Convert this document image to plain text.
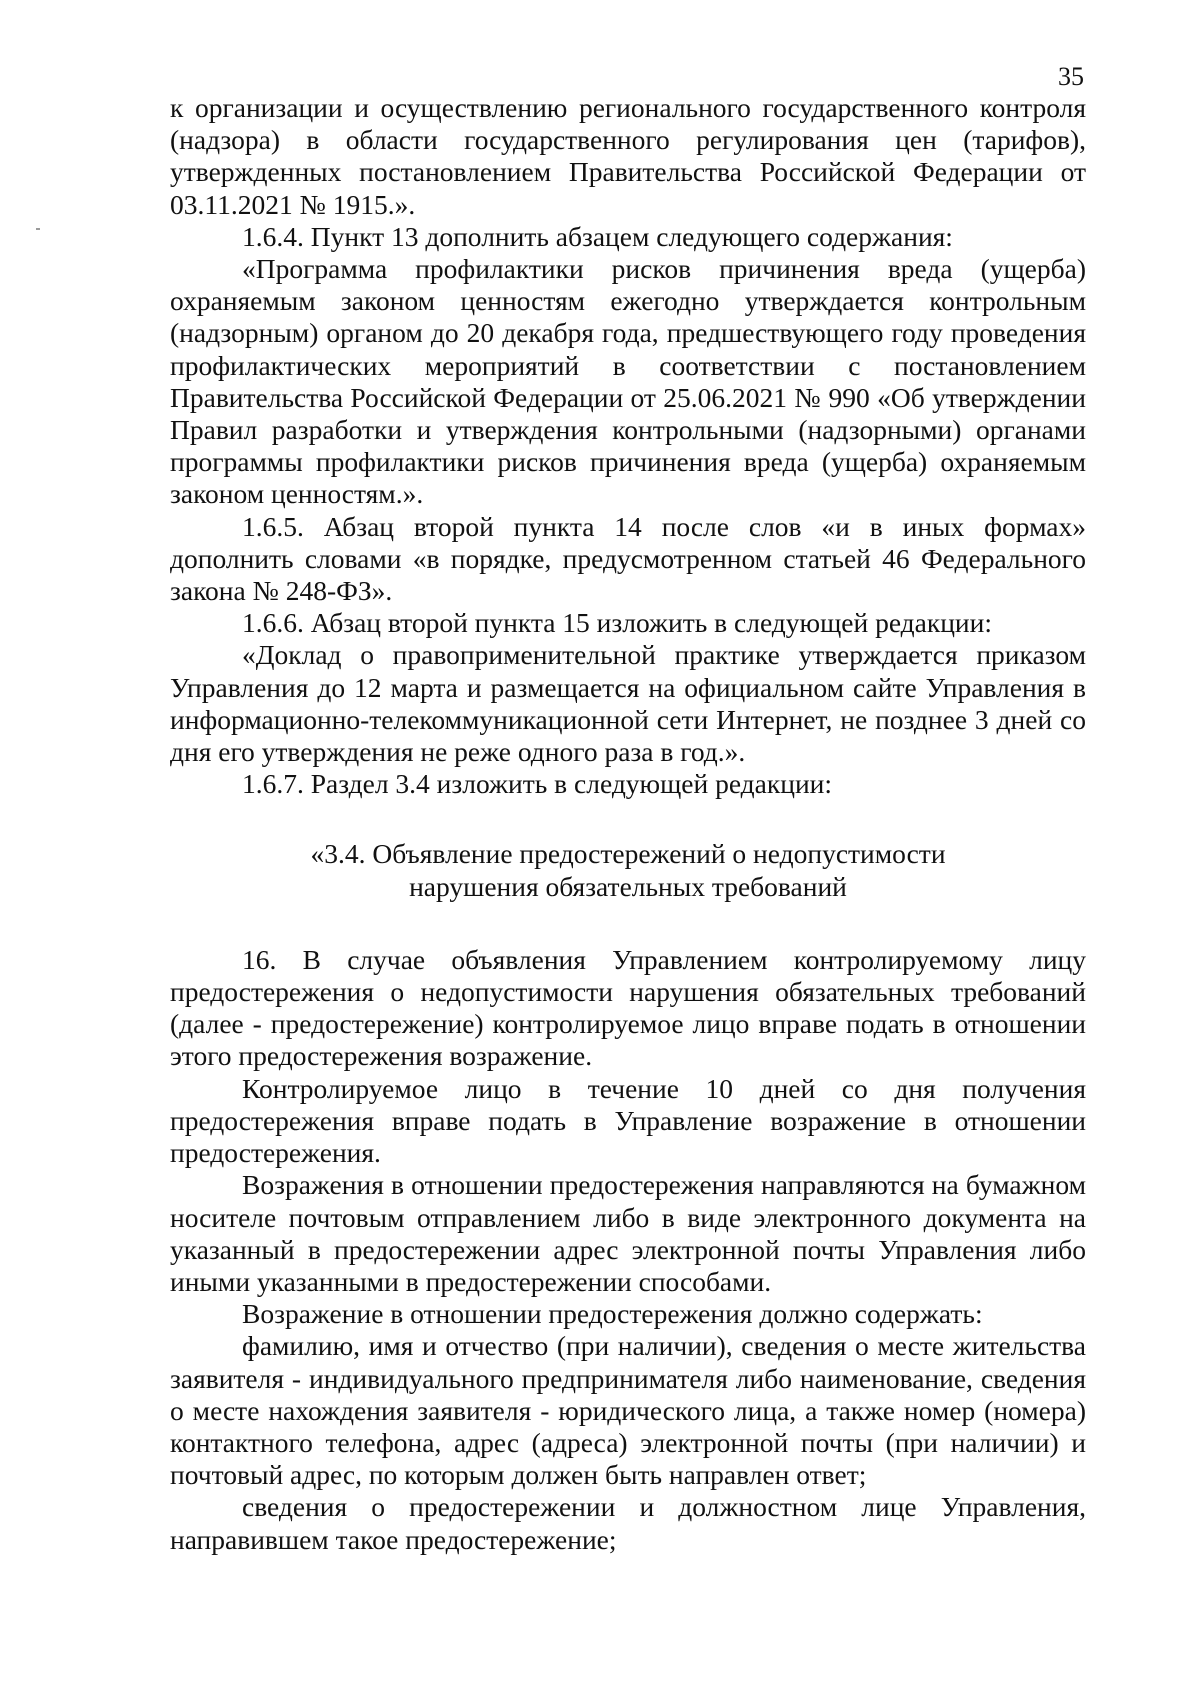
35

к организации и осуществлению регионального государственного контроля (надзора) в области государственного регулирования цен (тарифов), утвержденных постановлением Правительства Российской Федерации от 03.11.2021 № 1915.».

1.6.4. Пункт 13 дополнить абзацем следующего содержания:

«Программа профилактики рисков причинения вреда (ущерба) охраняемым законом ценностям ежегодно утверждается контрольным (надзорным) органом до 20 декабря года, предшествующего году проведения профилактических мероприятий в соответствии с постановлением Правительства Российской Федерации от 25.06.2021 № 990 «Об утверждении Правил разработки и утверждения контрольными (надзорными) органами программы профилактики рисков причинения вреда (ущерба) охраняемым законом ценностям.».

1.6.5. Абзац второй пункта 14 после слов «и в иных формах» дополнить словами «в порядке, предусмотренном статьей 46 Федерального закона № 248-ФЗ».

1.6.6. Абзац второй пункта 15 изложить в следующей редакции:

«Доклад о правоприменительной практике утверждается приказом Управления до 12 марта и размещается на официальном сайте Управления в информационно-телекоммуникационной сети Интернет, не позднее 3 дней со дня его утверждения не реже одного раза в год.».

1.6.7. Раздел 3.4 изложить в следующей редакции:

«3.4. Объявление предостережений о недопустимости
нарушения обязательных требований

16. В случае объявления Управлением контролируемому лицу предостережения о недопустимости нарушения обязательных требований (далее - предостережение) контролируемое лицо вправе подать в отношении этого предостережения возражение.

Контролируемое лицо в течение 10 дней со дня получения предостережения вправе подать в Управление возражение в отношении предостережения.

Возражения в отношении предостережения направляются на бумажном носителе почтовым отправлением либо в виде электронного документа на указанный в предостережении адрес электронной почты Управления либо иными указанными в предостережении способами.

Возражение в отношении предостережения должно содержать:

фамилию, имя и отчество (при наличии), сведения о месте жительства заявителя - индивидуального предпринимателя либо наименование, сведения о месте нахождения заявителя - юридического лица, а также номер (номера) контактного телефона, адрес (адреса) электронной почты (при наличии) и почтовый адрес, по которым должен быть направлен ответ;

сведения о предостережении и должностном лице Управления, направившем такое предостережение;
